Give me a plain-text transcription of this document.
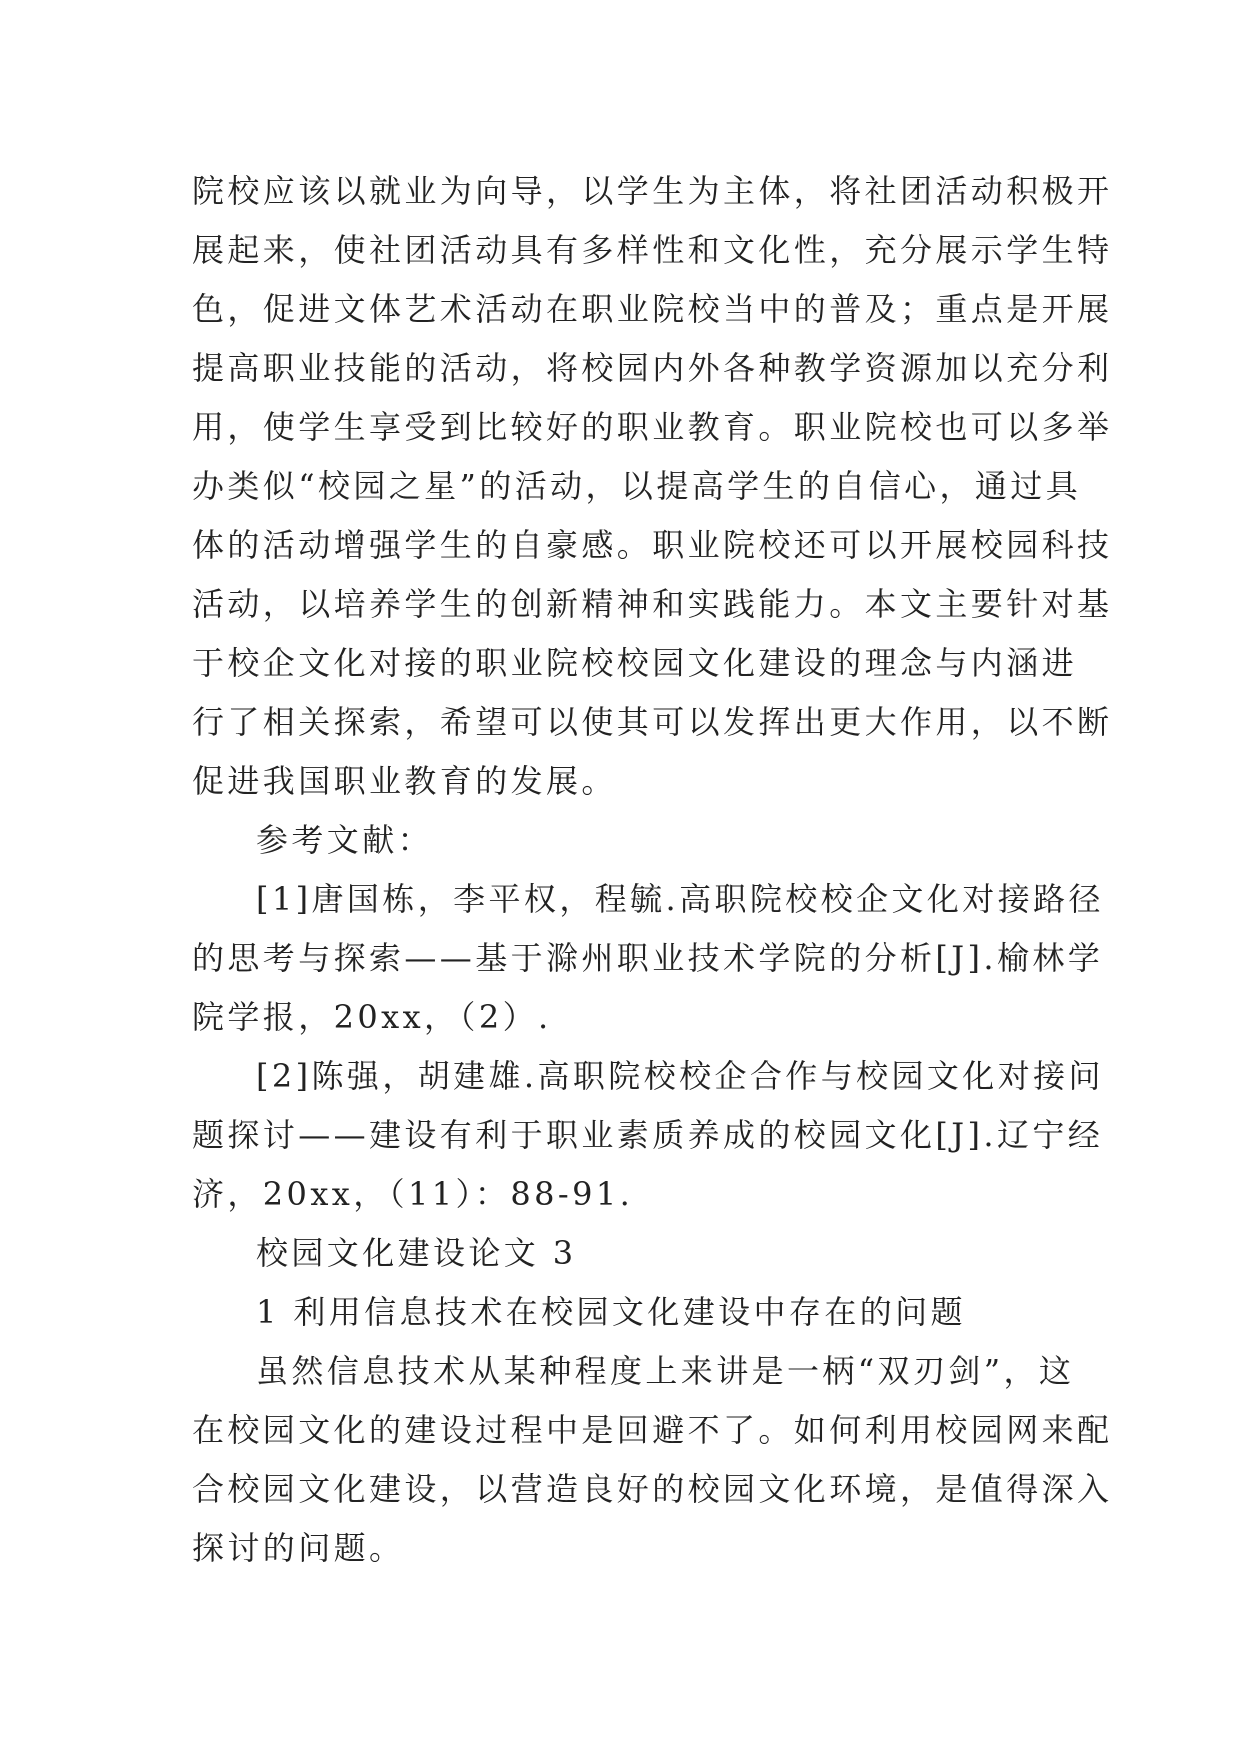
院校应该以就业为向导，以学生为主体，将社团活动积极开
展起来，使社团活动具有多样性和文化性，充分展示学生特
色，促进文体艺术活动在职业院校当中的普及；重点是开展
提高职业技能的活动，将校园内外各种教学资源加以充分利
用，使学生享受到比较好的职业教育。职业院校也可以多举
办类似“校园之星”的活动，以提高学生的自信心，通过具
体的活动增强学生的自豪感。职业院校还可以开展校园科技
活动，以培养学生的创新精神和实践能力。本文主要针对基
于校企文化对接的职业院校校园文化建设的理念与内涵进
行了相关探索，希望可以使其可以发挥出更大作用，以不断
促进我国职业教育的发展。

参考文献：

[1]唐国栋，李平权，程毓.高职院校校企文化对接路径
的思考与探索——基于滁州职业技术学院的分析[J].榆林学
院学报，20xx，（2）.

[2]陈强，胡建雄.高职院校校企合作与校园文化对接问
题探讨——建设有利于职业素质养成的校园文化[J].辽宁经
济，20xx，（11）：88-91.

校园文化建设论文 3

1 利用信息技术在校园文化建设中存在的问题

虽然信息技术从某种程度上来讲是一柄“双刃剑”，这
在校园文化的建设过程中是回避不了。如何利用校园网来配
合校园文化建设，以营造良好的校园文化环境，是值得深入
探讨的问题。
